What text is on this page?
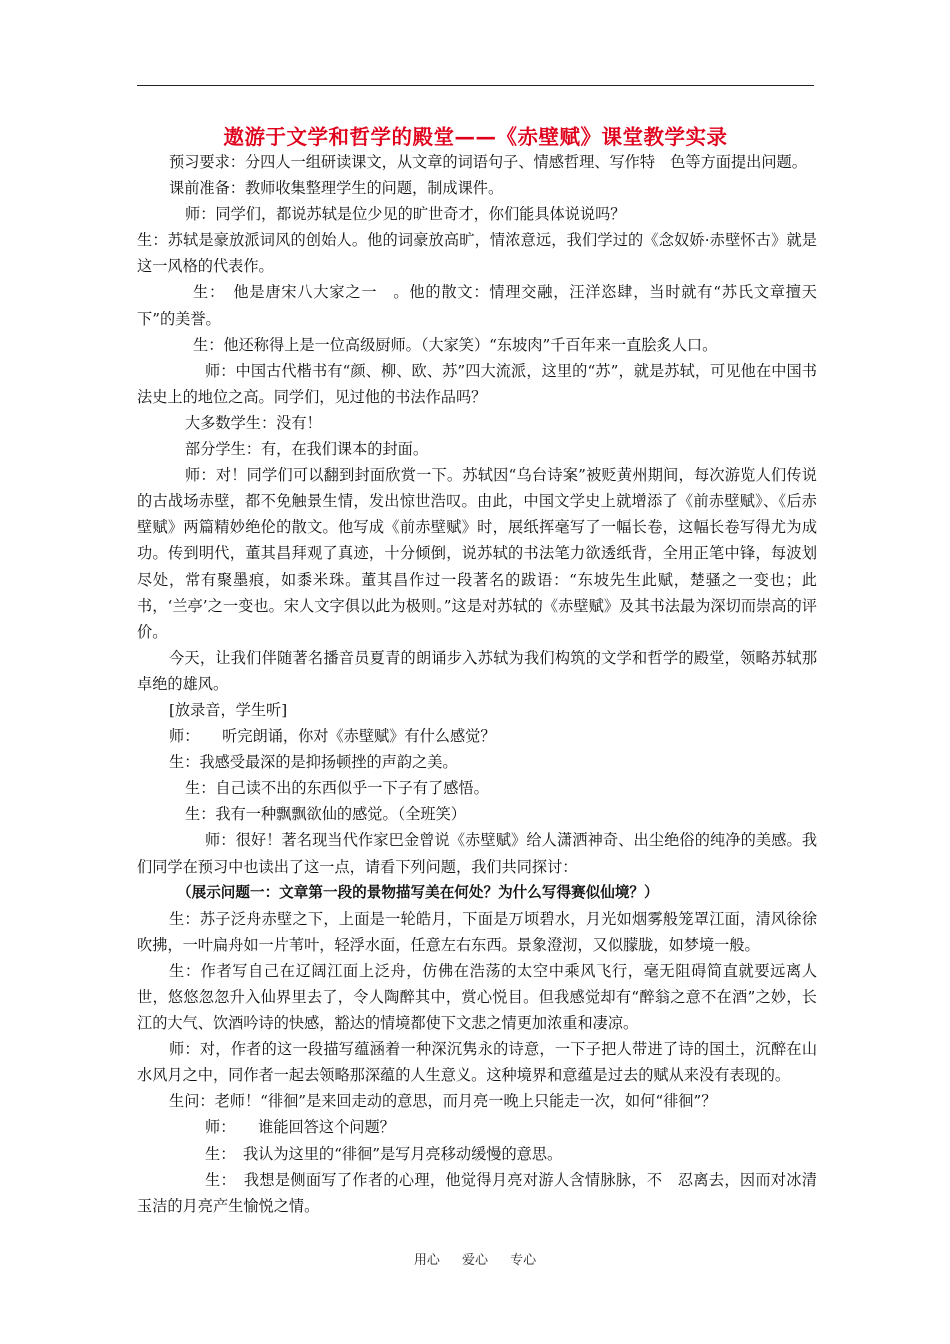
遨游于文学和哲学的殿堂——《赤壁赋》课堂教学实录

预习要求：分四人一组研读课文，从文章的词语句子、情感哲理、写作特　色等方面提出问题。

课前准备：教师收集整理学生的问题，制成课件。

师：同学们，都说苏轼是位少见的旷世奇才，你们能具体说说吗？

生：苏轼是豪放派词风的创始人。他的词豪放高旷，情浓意远，我们学过的《念奴娇·赤壁怀古》就是这一风格的代表作。

生：　他是唐宋八大家之一　。他的散文：情理交融，汪洋恣肆，当时就有“苏氏文章擅天下”的美誉。

生：他还称得上是一位高级厨师。（大家笑）“东坡肉”千百年来一直脍炙人口。

师：中国古代楷书有“颜、柳、欧、苏”四大流派，这里的“苏”，就是苏轼，可见他在中国书法史上的地位之高。同学们，见过他的书法作品吗？

大多数学生：没有！

部分学生：有，在我们课本的封面。

师：对！同学们可以翻到封面欣赏一下。苏轼因“乌台诗案”被贬黄州期间，每次游览人们传说的古战场赤壁，都不免触景生情，发出惊世浩叹。由此，中国文学史上就增添了《前赤壁赋》、《后赤壁赋》两篇精妙绝伦的散文。他写成《前赤壁赋》时，展纸挥毫写了一幅长卷，这幅长卷写得尤为成功。传到明代，董其昌拜观了真迹，十分倾倒，说苏轼的书法笔力欲透纸背，全用正笔中锋，每波划尽处，常有聚墨痕，如黍米珠。董其昌作过一段著名的跋语：“东坡先生此赋，楚骚之一变也；此书，‘兰亭’之一变也。宋人文字俱以此为极则。”这是对苏轼的《赤壁赋》及其书法最为深切而崇高的评价。

今天，让我们伴随著名播音员夏青的朗诵步入苏轼为我们构筑的文学和哲学的殿堂，领略苏轼那卓绝的雄风。

[放录音，学生听]

师：　　听完朗诵，你对《赤壁赋》有什么感觉？

生：我感受最深的是抑扬顿挫的声韵之美。

生：自己读不出的东西似乎一下子有了感悟。

生：我有一种飘飘欲仙的感觉。（全班笑）

师：很好！著名现当代作家巴金曾说《赤壁赋》给人潇洒神奇、出尘绝俗的纯净的美感。我们同学在预习中也读出了这一点，请看下列问题，我们共同探讨：

（展示问题一：文章第一段的景物描写美在何处？为什么写得赛似仙境？）

生：苏子泛舟赤壁之下，上面是一轮皓月，下面是万顷碧水，月光如烟雾般笼罩江面，清风徐徐吹拂，一叶扁舟如一片苇叶，轻浮水面，任意左右东西。景象澄沏，又似朦胧，如梦境一般。

生：作者写自己在辽阔江面上泛舟，仿佛在浩荡的太空中乘风飞行，毫无阻碍简直就要远离人世，悠悠忽忽升入仙界里去了，令人陶醉其中，赏心悦目。但我感觉却有“醉翁之意不在酒”之妙，长江的大气、饮酒吟诗的快感，豁达的情境都使下文悲之情更加浓重和凄凉。

师：对，作者的这一段描写蕴涵着一种深沉隽永的诗意，一下子把人带进了诗的国土，沉醉在山水风月之中，同作者一起去领略那深蕴的人生意义。这种境界和意蕴是过去的赋从来没有表现的。

生问：老师！“徘徊”是来回走动的意思，而月亮一晚上只能走一次，如何“徘徊”？

师：　　谁能回答这个问题？

生：　我认为这里的“徘徊”是写月亮移动缓慢的意思。

生：　我想是侧面写了作者的心理，他觉得月亮对游人含情脉脉，不　忍离去，因而对冰清玉洁的月亮产生愉悦之情。

用心 爱心 专心
